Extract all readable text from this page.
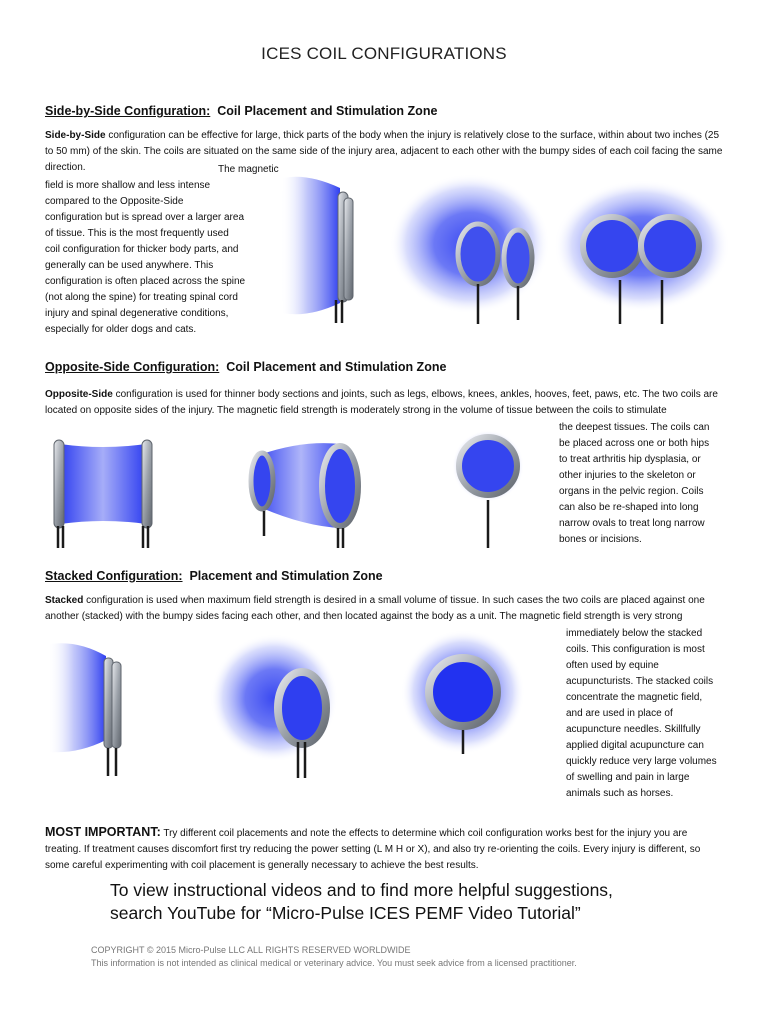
ICES COIL CONFIGURATIONS
Side-by-Side Configuration: Coil Placement and Stimulation Zone
Side-by-Side configuration can be effective for large, thick parts of the body when the injury is relatively close to the surface, within about two inches (25 to 50 mm) of the skin. The coils are situated on the same side of the injury area, adjacent to each other with the bumpy sides of each coil facing the same direction.	The magnetic
field is more shallow and less intense
compared to the Opposite-Side
configuration but is spread over a larger area
of tissue. This is the most frequently used
coil configuration for thicker body parts, and
generally can be used anywhere. This
configuration is often placed across the spine
(not along the spine) for treating spinal cord
injury and spinal degenerative conditions,
especially for older dogs and cats.
Opposite-Side Configuration: Coil Placement and Stimulation Zone
Opposite-Side configuration is used for thinner body sections and joints, such as legs, elbows, knees, ankles, hooves, feet, paws, etc. The two coils are located on opposite sides of the injury. The magnetic field strength is moderately strong in the volume of tissue between the coils to stimulate
the deepest tissues. The coils can
be placed across one or both hips
to treat arthritis hip dysplasia, or
other injuries to the skeleton or
organs in the pelvic region. Coils
can also be re-shaped into long
narrow ovals to treat long narrow
bones or incisions.
Stacked Configuration: Placement and Stimulation Zone
Stacked configuration is used when maximum field strength is desired in a small volume of tissue. In such cases the two coils are placed against one another (stacked) with the bumpy sides facing each other, and then located against the body as a unit. The magnetic field strength is very strong
immediately below the stacked
coils. This configuration is most
often used by equine
acupuncturists. The stacked coils
concentrate the magnetic field,
and are used in place of
acupuncture needles. Skillfully
applied digital acupuncture can
quickly reduce very large volumes
of swelling and pain in large
animals such as horses.
MOST IMPORTANT: Try different coil placements and note the effects to determine which coil configuration works best for the injury you are treating. If treatment causes discomfort first try reducing the power setting (L M H or X), and also try re-orienting the coils. Every injury is different, so some careful experimenting with coil placement is generally necessary to achieve the best results.
To view instructional videos and to find more helpful suggestions,
search YouTube for “Micro-Pulse ICES PEMF Video Tutorial”
COPYRIGHT © 2015 Micro-Pulse LLC ALL RIGHTS RESERVED WORLDWIDE
This information is not intended as clinical medical or veterinary advice. You must seek advice from a licensed practitioner.
